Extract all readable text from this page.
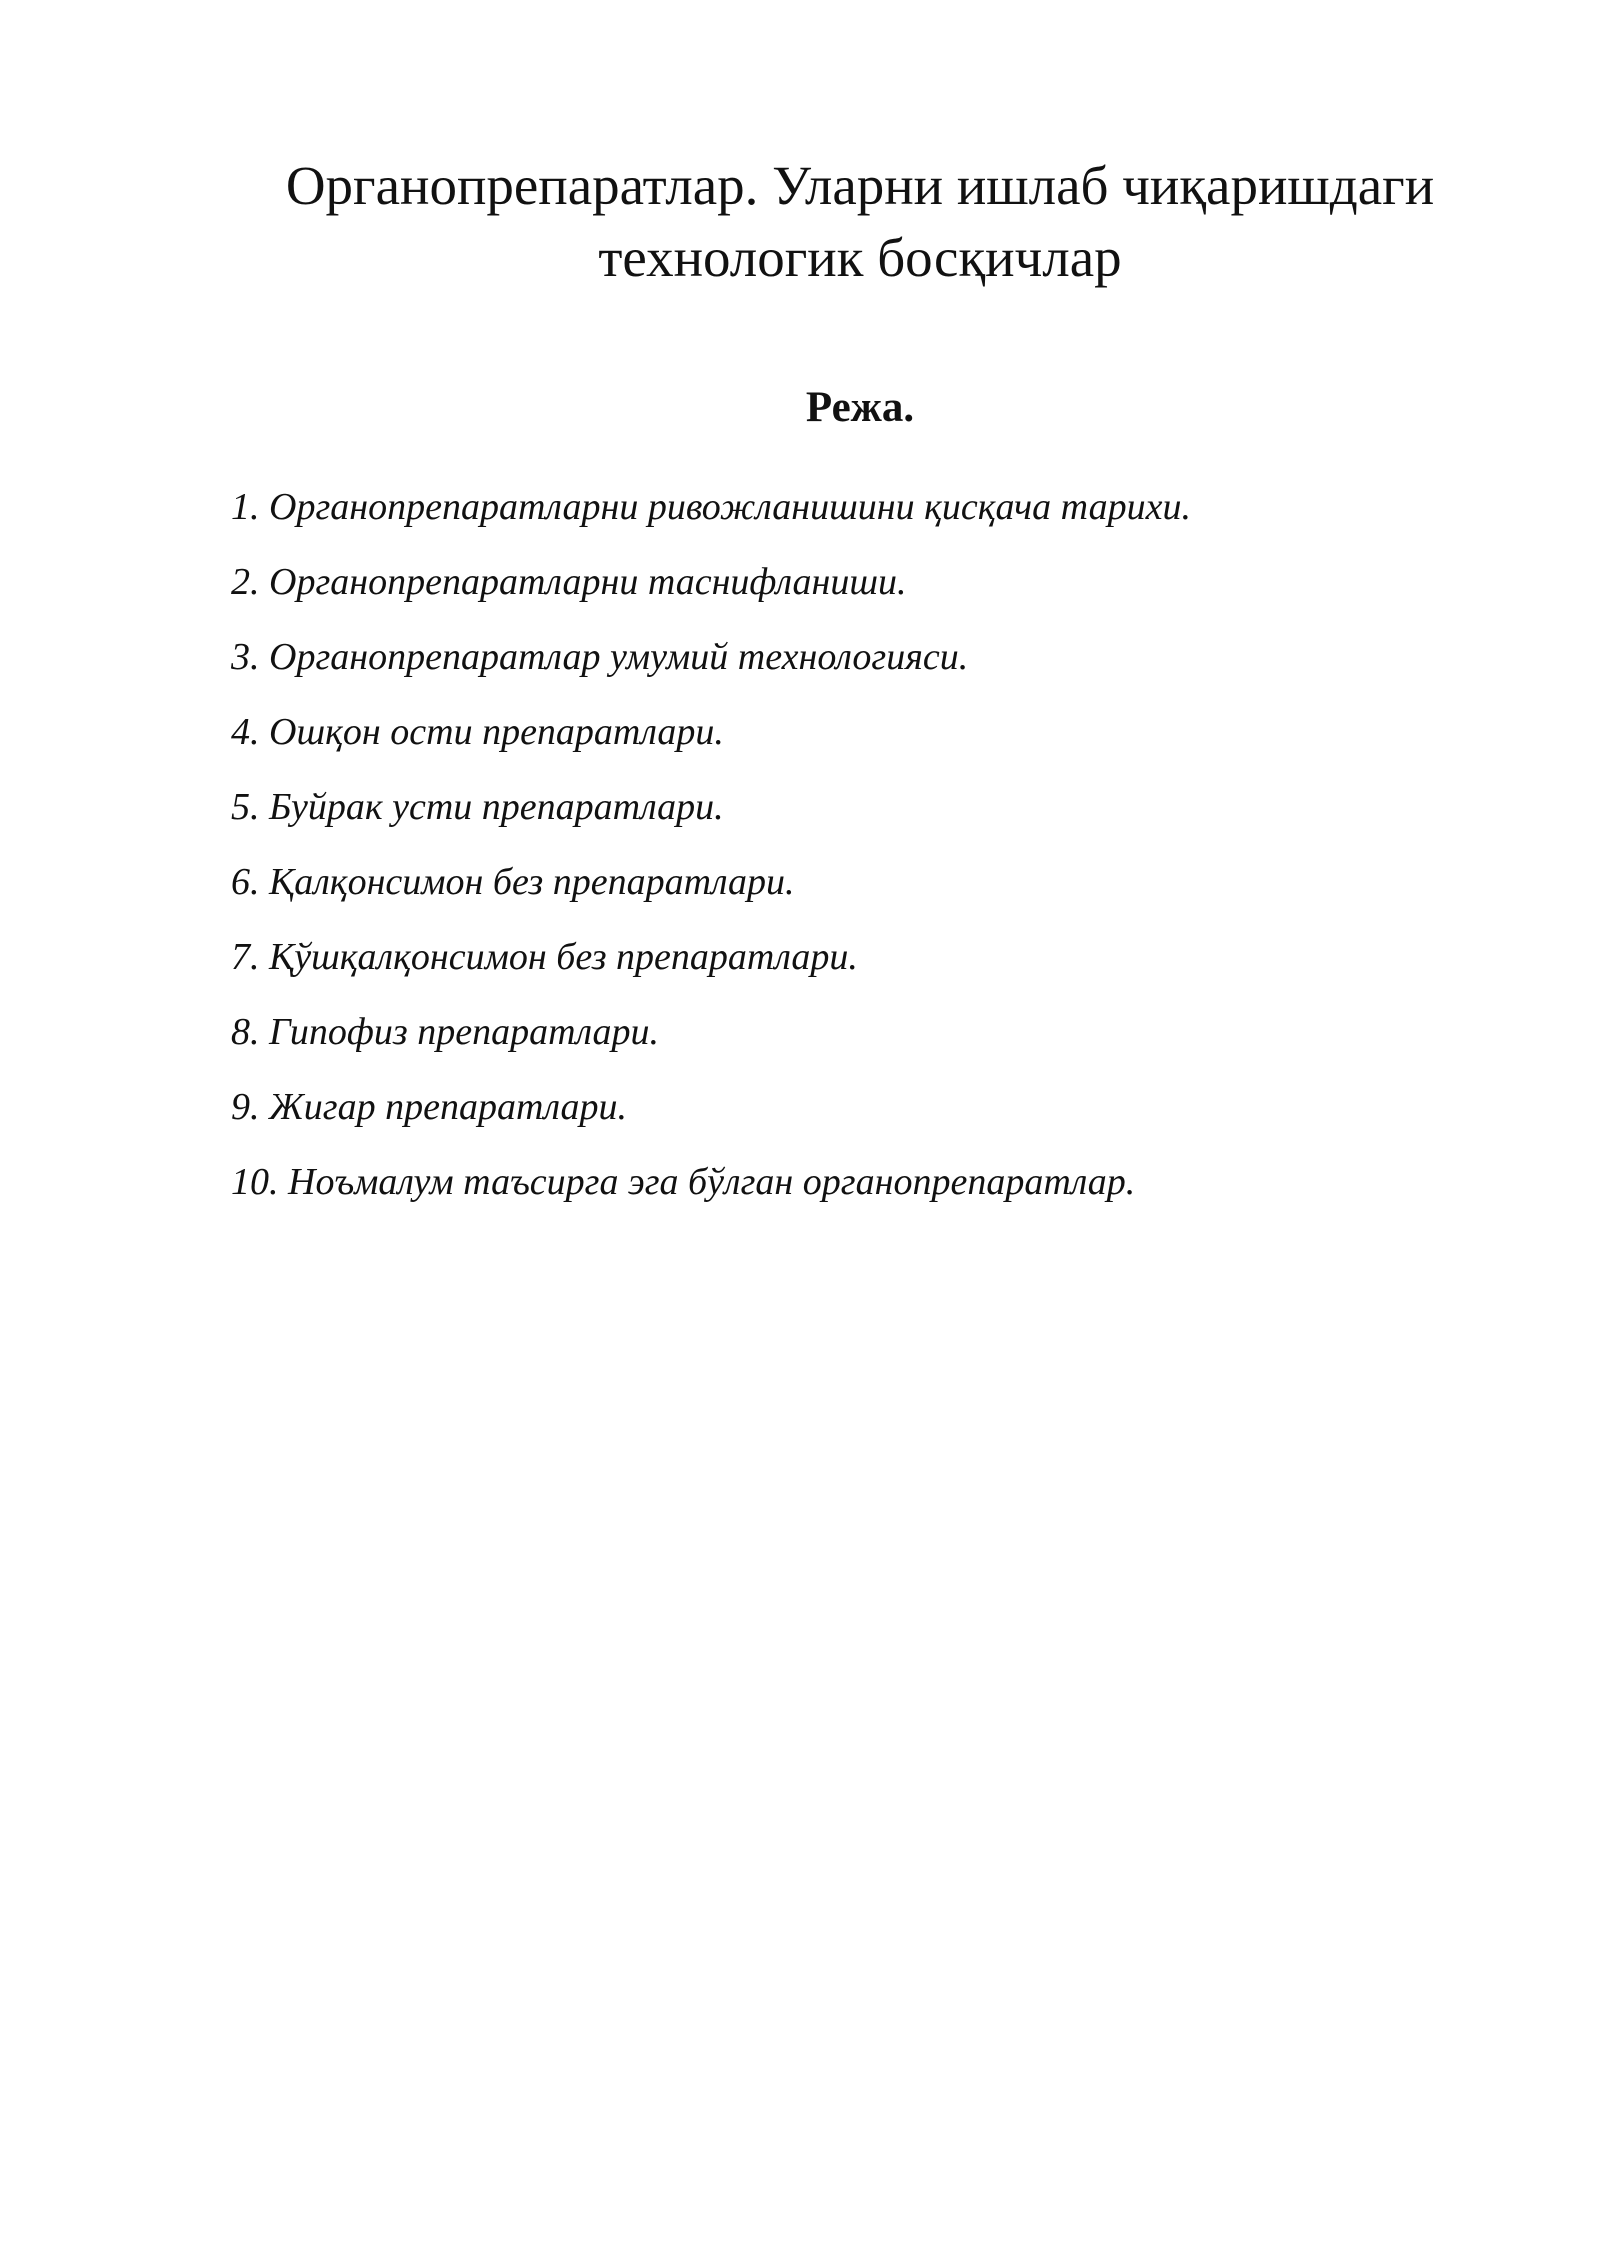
Органопрепаратлар. Уларни ишлаб чиқаришдаги
технологик босқичлар
Режа.
1. Органопрепаратларни ривожланишини қисқача тарихи.
2. Органопрепаратларни таснифланиши.
3. Органопрепаратлар умумий технологияси.
4. Ошқон ости препаратлари.
5. Буйрак усти препаратлари.
6. Қалқонсимон без препаратлари.
7. Қўшқалқонсимон без препаратлари.
8. Гипофиз препаратлари.
9. Жигар препаратлари.
10. Ноъмалум таъсирга эга бўлган органопрепаратлар.
